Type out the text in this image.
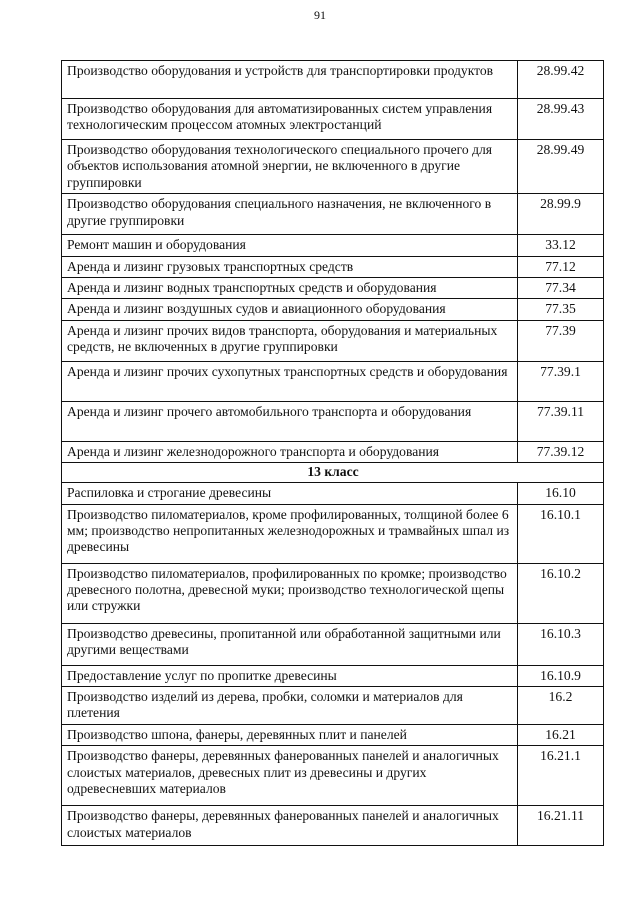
91
Производство оборудования и устройств для транспортировки продуктов	28.99.42
Производство оборудования для автоматизированных систем управления технологическим процессом атомных электростанций	28.99.43
Производство оборудования технологического специального прочего для объектов использования атомной энергии, не включенного в другие группировки	28.99.49
Производство оборудования специального назначения, не включенного в другие группировки	28.99.9
Ремонт машин и оборудования	33.12
Аренда и лизинг грузовых транспортных средств	77.12
Аренда и лизинг водных транспортных средств и оборудования	77.34
Аренда и лизинг воздушных судов и авиационного оборудования	77.35
Аренда и лизинг прочих видов транспорта, оборудования и материальных средств, не включенных в другие группировки	77.39
Аренда и лизинг прочих сухопутных транспортных средств и оборудования	77.39.1
Аренда и лизинг прочего автомобильного транспорта и оборудования	77.39.11
Аренда и лизинг железнодорожного транспорта и оборудования	77.39.12
13 класс	
Распиловка и строгание древесины	16.10
Производство пиломатериалов, кроме профилированных, толщиной более 6 мм; производство непропитанных железнодорожных и трамвайных шпал из древесины	16.10.1
Производство пиломатериалов, профилированных по кромке; производство древесного полотна, древесной муки; производство технологической щепы или стружки	16.10.2
Производство древесины, пропитанной или обработанной защитными или другими веществами	16.10.3
Предоставление услуг по пропитке древесины	16.10.9
Производство изделий из дерева, пробки, соломки и материалов для плетения	16.2
Производство шпона, фанеры, деревянных плит и панелей	16.21
Производство фанеры, деревянных фанерованных панелей и аналогичных слоистых материалов, древесных плит из древесины и других одревесневших материалов	16.21.1
Производство фанеры, деревянных фанерованных панелей и аналогичных слоистых материалов	16.21.11
